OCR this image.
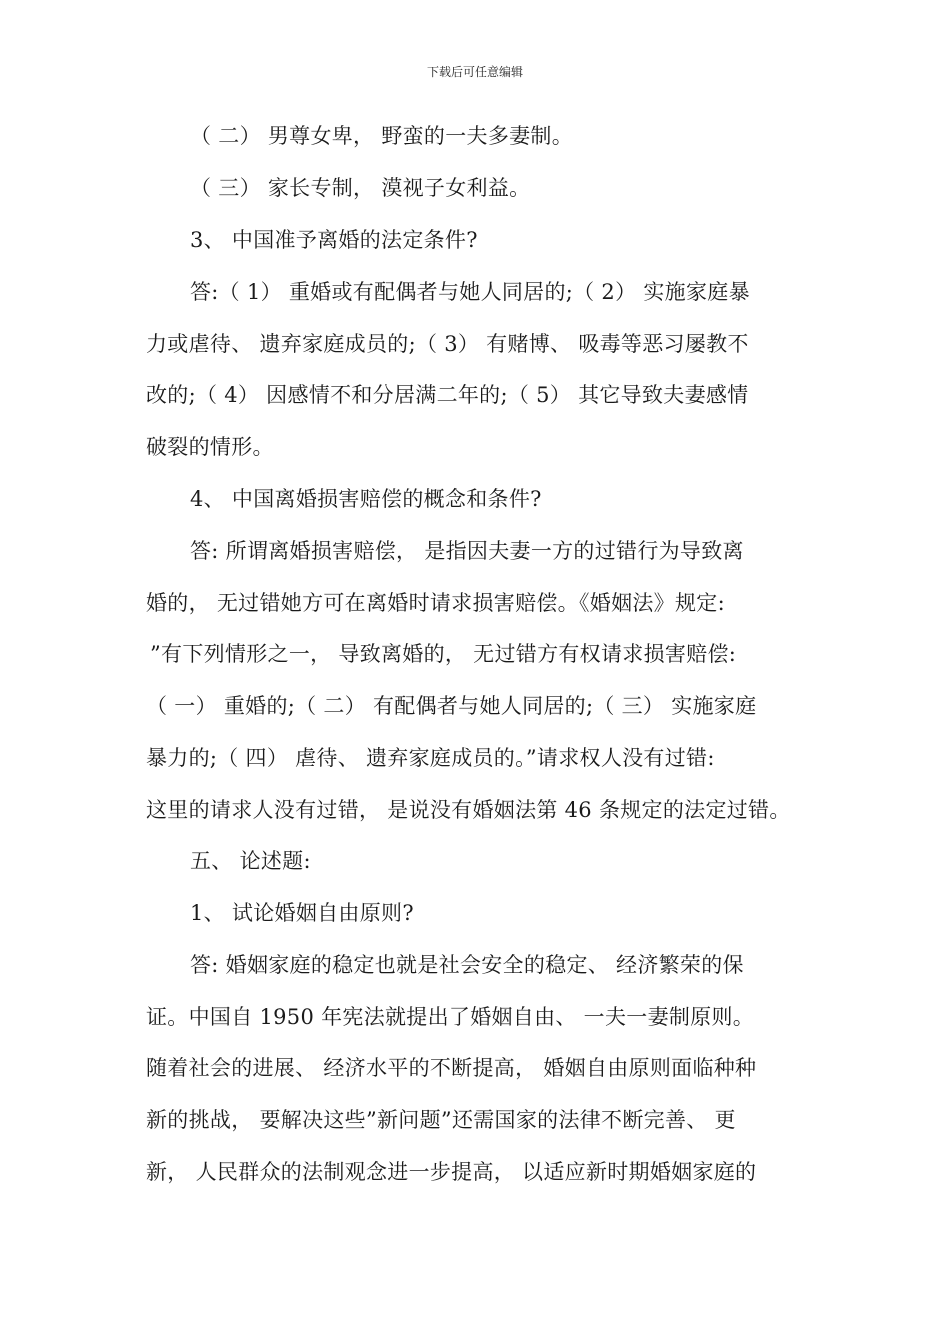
下载后可任意编辑
（ 二） 男尊女卑， 野蛮的一夫多妻制。
（ 三） 家长专制， 漠视子女利益。
3、 中国准予离婚的法定条件?
答:（ 1） 重婚或有配偶者与她人同居的;（ 2） 实施家庭暴
力或虐待、 遗弃家庭成员的;（ 3） 有赌博、 吸毒等恶习屡教不
改的;（ 4） 因感情不和分居满二年的;（ 5） 其它导致夫妻感情
破裂的情形。
4、 中国离婚损害赔偿的概念和条件?
答: 所谓离婚损害赔偿， 是指因夫妻一方的过错行为导致离
婚的， 无过错她方可在离婚时请求损害赔偿。《婚姻法》规定:
”有下列情形之一， 导致离婚的， 无过错方有权请求损害赔偿:
（ 一） 重婚的;（ 二） 有配偶者与她人同居的;（ 三） 实施家庭
暴力的;（ 四） 虐待、 遗弃家庭成员的。”请求权人没有过错:
这里的请求人没有过错， 是说没有婚姻法第 46 条规定的法定过错。
五、 论述题:
1、 试论婚姻自由原则?
答: 婚姻家庭的稳定也就是社会安全的稳定、 经济繁荣的保
证。中国自 1950 年宪法就提出了婚姻自由、 一夫一妻制原则。
随着社会的进展、 经济水平的不断提高， 婚姻自由原则面临种种
新的挑战， 要解决这些”新问题”还需国家的法律不断完善、 更
新， 人民群众的法制观念进一步提高， 以适应新时期婚姻家庭的
